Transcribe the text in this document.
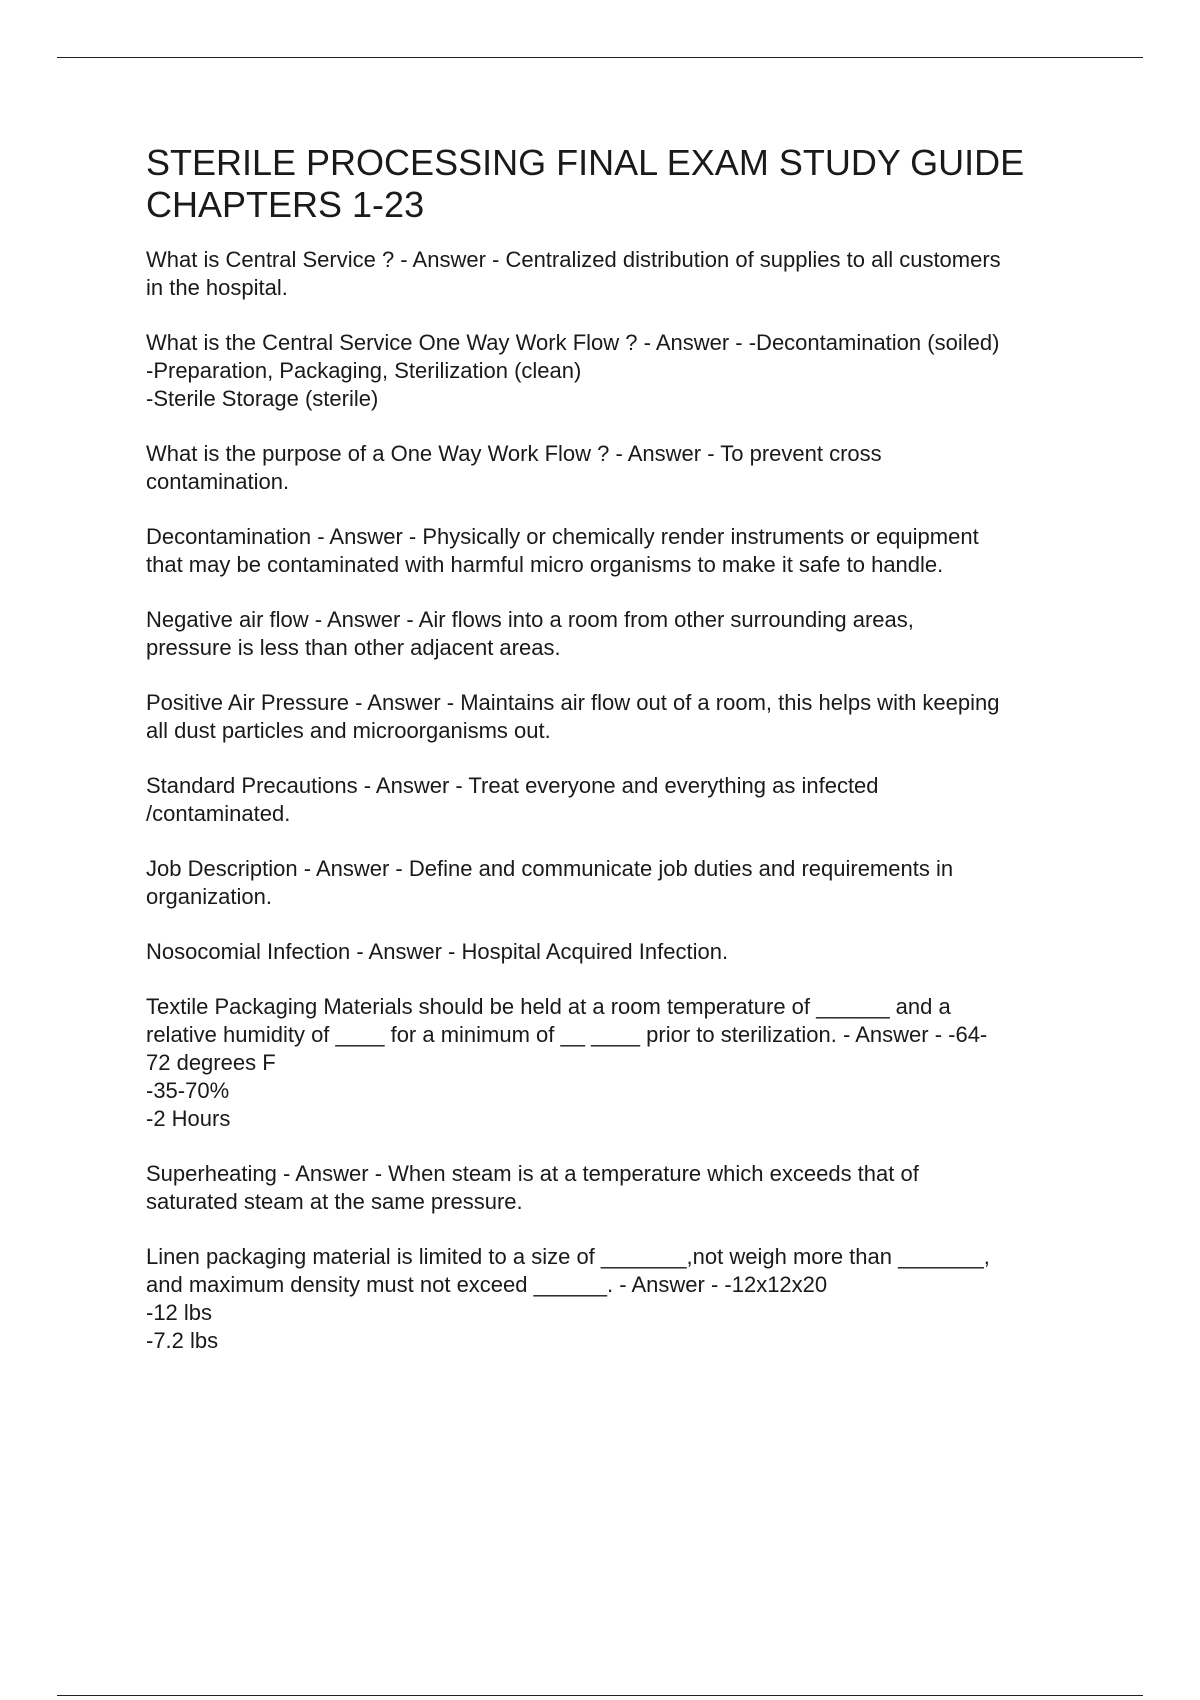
STERILE PROCESSING FINAL EXAM STUDY GUIDE
CHAPTERS 1-23
What is Central Service ? - Answer - Centralized distribution of supplies to all customers
in the hospital.
What is the Central Service One Way Work Flow ? - Answer - -Decontamination (soiled)
-Preparation, Packaging, Sterilization (clean)
-Sterile Storage (sterile)
What is the purpose of a One Way Work Flow ? - Answer - To prevent cross
contamination.
Decontamination - Answer - Physically or chemically render instruments or equipment
that may be contaminated with harmful micro organisms to make it safe to handle.
Negative air flow - Answer - Air flows into a room from other surrounding areas,
pressure is less than other adjacent areas.
Positive Air Pressure - Answer - Maintains air flow out of a room, this helps with keeping
all dust particles and microorganisms out.
Standard Precautions - Answer - Treat everyone and everything as infected
/contaminated.
Job Description - Answer - Define and communicate job duties and requirements in
organization.
Nosocomial Infection - Answer - Hospital Acquired Infection.
Textile Packaging Materials should be held at a room temperature of ______ and a
relative humidity of ____ for a minimum of __ ____ prior to sterilization. - Answer - -64-
72 degrees F
-35-70%
-2 Hours
Superheating - Answer - When steam is at a temperature which exceeds that of
saturated steam at the same pressure.
Linen packaging material is limited to a size of _______,not weigh more than _______,
and maximum density must not exceed ______. - Answer - -12x12x20
-12 lbs
-7.2 lbs
